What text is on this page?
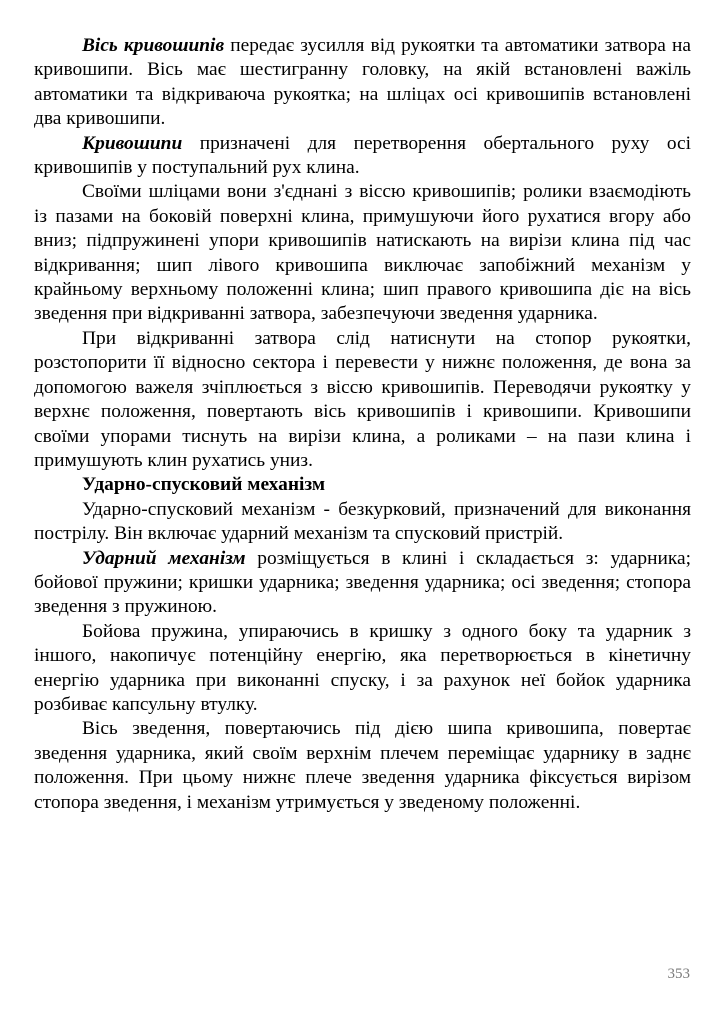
Вісь кривошипів передає зусилля від рукоятки та автоматики затвора на кривошипи. Вісь має шестигранну головку, на якій встановлені важіль автоматики та відкриваюча рукоятка; на шліцах осі кривошипів встановлені два кривошипи.

Кривошипи призначені для перетворення обертального руху осі кривошипів у поступальний рух клина.

Своїми шліцами вони з'єднані з віссю кривошипів; ролики взаємодіють із пазами на боковій поверхні клина, примушуючи його рухатися вгору або вниз; підпружинені упори кривошипів натискають на вирізи клина під час відкривання; шип лівого кривошипа виключає запобіжний механізм у крайньому верхньому положенні клина; шип правого кривошипа діє на вісь зведення при відкриванні затвора, забезпечуючи зведення ударника.

При відкриванні затвора слід натиснути на стопор рукоятки, розстопорити її відносно сектора і перевести у нижнє положення, де вона за допомогою важеля зчіплюється з віссю кривошипів. Переводячи рукоятку у верхнє положення, повертають вісь кривошипів і кривошипи. Кривошипи своїми упорами тиснуть на вирізи клина, а роликами – на пази клина і примушують клин рухатись униз.

Ударно-спусковий механізм

Ударно-спусковий механізм - безкурковий, призначений для виконання пострілу. Він включає ударний механізм та спусковий пристрій.

Ударний механізм розміщується в клині і складається з: ударника; бойової пружини; кришки ударника; зведення ударника; осі зведення; стопора зведення з пружиною.

Бойова пружина, упираючись в кришку з одного боку та ударник з іншого, накопичує потенційну енергію, яка перетворюється в кінетичну енергію ударника при виконанні спуску, і за рахунок неї бойок ударника розбиває капсульну втулку.

Вісь зведення, повертаючись під дією шипа кривошипа, повертає зведення ударника, який своїм верхнім плечем переміщає ударнику в заднє положення. При цьому нижнє плече зведення ударника фіксується вирізом стопора зведення, і механізм утримується у зведеному положенні.

353
